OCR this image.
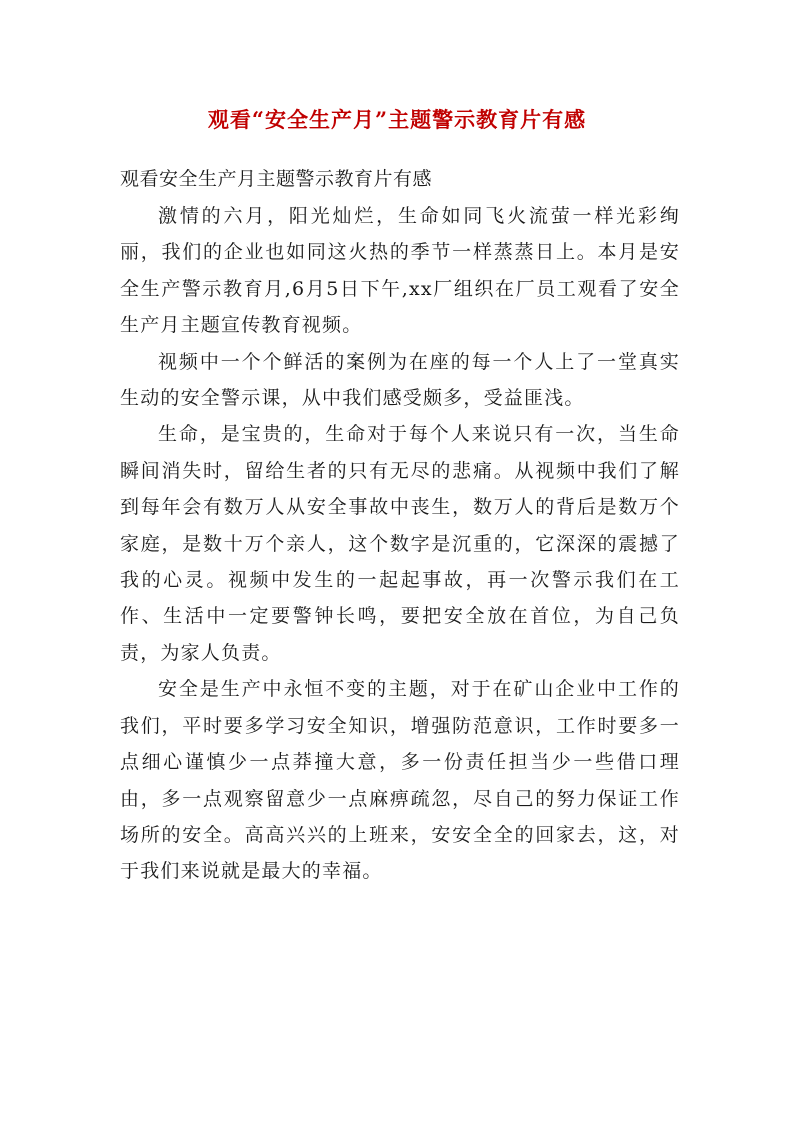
观看“安全生产月”主题警示教育片有感

观看安全生产月主题警示教育片有感

激情的六月，阳光灿烂，生命如同飞火流萤一样光彩绚丽，我们的企业也如同这火热的季节一样蒸蒸日上。本月是安全生产警示教育月,6月5日下午,xx厂组织在厂员工观看了安全生产月主题宣传教育视频。

视频中一个个鲜活的案例为在座的每一个人上了一堂真实生动的安全警示课，从中我们感受颇多，受益匪浅。

生命，是宝贵的，生命对于每个人来说只有一次，当生命瞬间消失时，留给生者的只有无尽的悲痛。从视频中我们了解到每年会有数万人从安全事故中丧生，数万人的背后是数万个家庭，是数十万个亲人，这个数字是沉重的，它深深的震撼了我的心灵。视频中发生的一起起事故，再一次警示我们在工作、生活中一定要警钟长鸣，要把安全放在首位，为自己负责，为家人负责。

安全是生产中永恒不变的主题，对于在矿山企业中工作的我们，平时要多学习安全知识，增强防范意识，工作时要多一点细心谨慎少一点莽撞大意，多一份责任担当少一些借口理由，多一点观察留意少一点麻痹疏忽，尽自己的努力保证工作场所的安全。高高兴兴的上班来，安安全全的回家去，这，对于我们来说就是最大的幸福。
